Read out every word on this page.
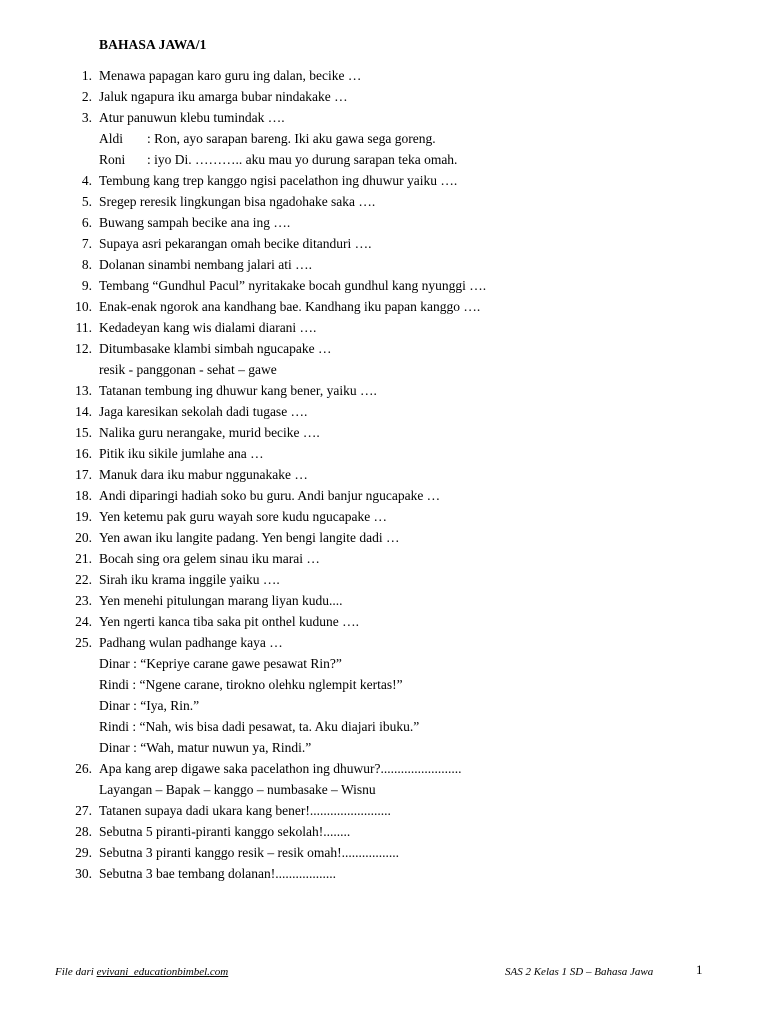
BAHASA JAWA/1
1. Menawa papagan karo guru ing dalan, becike …
2. Jaluk ngapura iku amarga bubar nindakake …
3. Atur panuwun klebu tumindak ….
Aldi : Ron, ayo sarapan bareng. Iki aku gawa sega goreng.
Roni : iyo Di. ……….. aku mau yo durung sarapan teka omah.
4. Tembung kang trep kanggo ngisi pacelathon ing dhuwur yaiku ….
5. Sregep reresik lingkungan bisa ngadohake saka ….
6. Buwang sampah becike ana ing ….
7. Supaya asri pekarangan omah becike ditanduri ….
8. Dolanan sinambi nembang jalari ati ….
9. Tembang “Gundhul Pacul” nyritakake bocah gundhul kang nyunggi ….
10. Enak-enak ngorok ana kandhang bae. Kandhang iku papan kanggo ….
11. Kedadeyan kang wis dialami diarani ….
12. Ditumbasake klambi simbah ngucapake …
resik - panggonan - sehat – gawe
13. Tatanan tembung ing dhuwur kang bener, yaiku ….
14. Jaga karesikan sekolah dadi tugase ….
15. Nalika guru nerangake, murid becike ….
16. Pitik iku sikile jumlahe ana …
17. Manuk dara iku mabur nggunakake …
18. Andi diparingi hadiah soko bu guru. Andi banjur ngucapake …
19. Yen ketemu pak guru wayah sore kudu ngucapake …
20. Yen awan iku langite padang. Yen bengi langite dadi …
21. Bocah sing ora gelem sinau iku marai …
22. Sirah iku krama inggile yaiku ….
23. Yen menehi pitulungan marang liyan kudu....
24. Yen ngerti kanca tiba saka pit onthel kudune ….
25. Padhang wulan padhange kaya …
Dinar : “Kepriye carane gawe pesawat Rin?”
Rindi : “Ngene carane, tirokno olehku nglempit kertas!”
Dinar : “Iya, Rin.”
Rindi : “Nah, wis bisa dadi pesawat, ta. Aku diajari ibuku.”
Dinar : “Wah, matur nuwun ya, Rindi.”
26. Apa kang arep digawe saka pacelathon ing dhuwur?........................
Layangan – Bapak – kanggo – numbasake – Wisnu
27. Tatanen supaya dadi ukara kang bener!........................
28. Sebutna 5 piranti-piranti kanggo sekolah!........
29. Sebutna 3 piranti kanggo resik – resik omah!.................
30. Sebutna 3 bae tembang dolanan!..................
File dari evivani_educationbimbel.com	SAS 2 Kelas 1 SD – Bahasa Jawa	1
